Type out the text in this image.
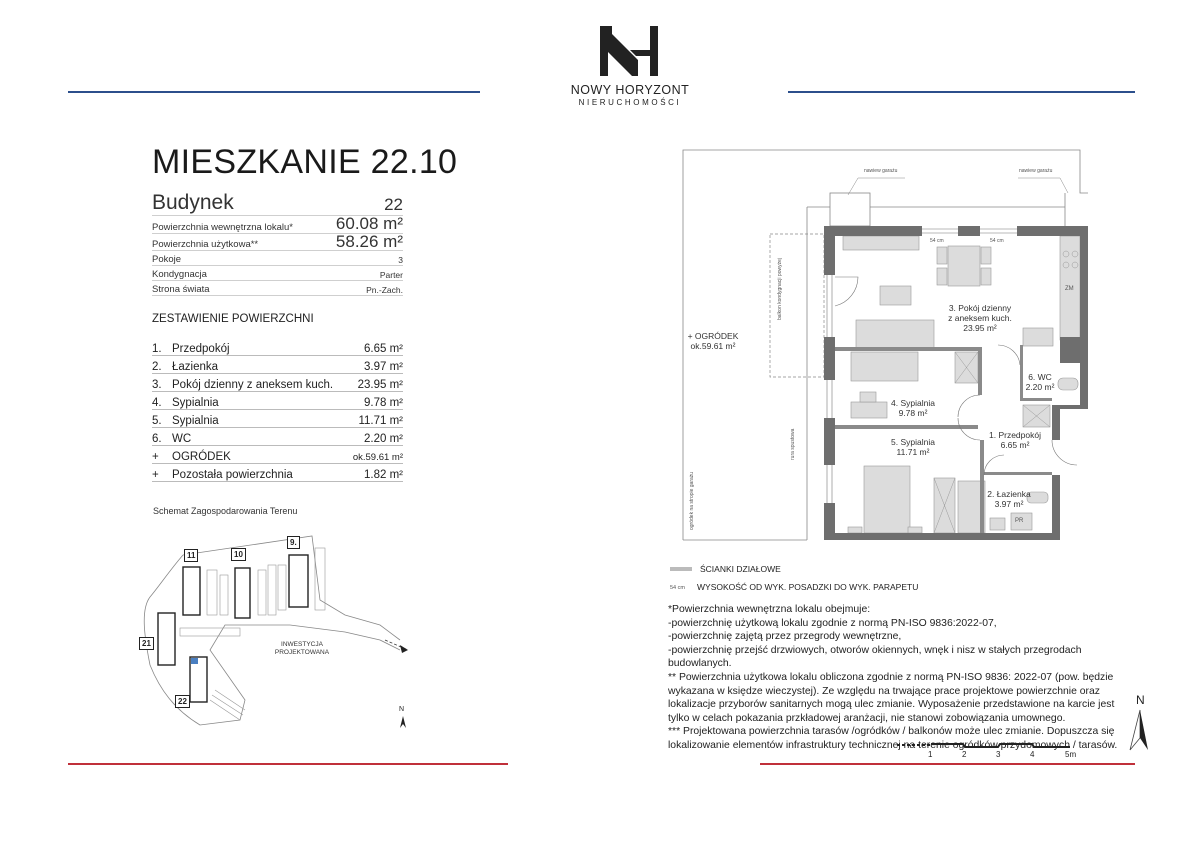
NOWY HORYZONT
NIERUCHOMOŚCI
MIESZKANIE 22.10
Budynek	22
Powierzchnia wewnętrzna lokalu*	60.08 m²
Powierzchnia użytkowa**	58.26 m²
Pokoje	3
Kondygnacja	Parter
Strona świata	Pn.-Zach.
ZESTAWIENIE POWIERZCHNI
1. Przedpokój	6.65 m²
2. Łazienka	3.97 m²
3. Pokój dzienny z aneksem kuch. 23.95 m²
4. Sypialnia	9.78 m²
5. Sypialnia	11.71 m²
6. WC	2.20 m²
+ OGRÓDEK	ok.59.61 m²
+ Pozostała powierzchnia	1.82 m²
Schemat Zagospodarowania Terenu
11	10
9.
21
22
INWESTYCJA
PROJEKTOWANA
N
3. Pokój dzienny
z aneksem kuch.
23.95 m²
4. Sypialnia
9.78 m²
5. Sypialnia
11.71 m²
6. WC
2.20 m²
1. Przedpokój
6.65 m²
2. Łazienka
3.97 m²
+ OGRÓDEK
ok.59.61 m²
nawiew garażu	nawiew garażu
balkon kondygnacji powyżej
rura spustowa
ogródek na stropie garażu
54 cm	54 cm
ZM
PR
ŚCIANKI DZIAŁOWE
54 cm WYSOKOŚĆ OD WYK. POSADZKI DO WYK. PARAPETU
*Powierzchnia wewnętrzna lokalu obejmuje:
-powierzchnię użytkową lokalu zgodnie z normą PN-ISO 9836:2022-07,
-powierzchnię zajętą przez przegrody wewnętrzne,
-powierzchnię przejść drzwiowych, otworów okiennych, wnęk i nisz w stałych przegrodach budowlanych.
** Powierzchnia użytkowa lokalu obliczona zgodnie z normą PN-ISO 9836: 2022-07 (pow. będzie wykazana w księdze wieczystej). Ze względu na trwające prace projektowe powierzchnie oraz lokalizacje przyborów sanitarnych mogą ulec zmianie. Wyposażenie przedstawione na karcie jest tylko w celach pokazania przkładowej aranżacji, nie stanowi zobowiązania umownego.
*** Projektowana powierzchnia tarasów /ogródków / balkonów może ulec zmianie. Dopuszcza się lokalizowanie elementów infrastruktury technicznej na terenie ogródków przydomowych / tarasów.
1	2	3	4	5m
N
